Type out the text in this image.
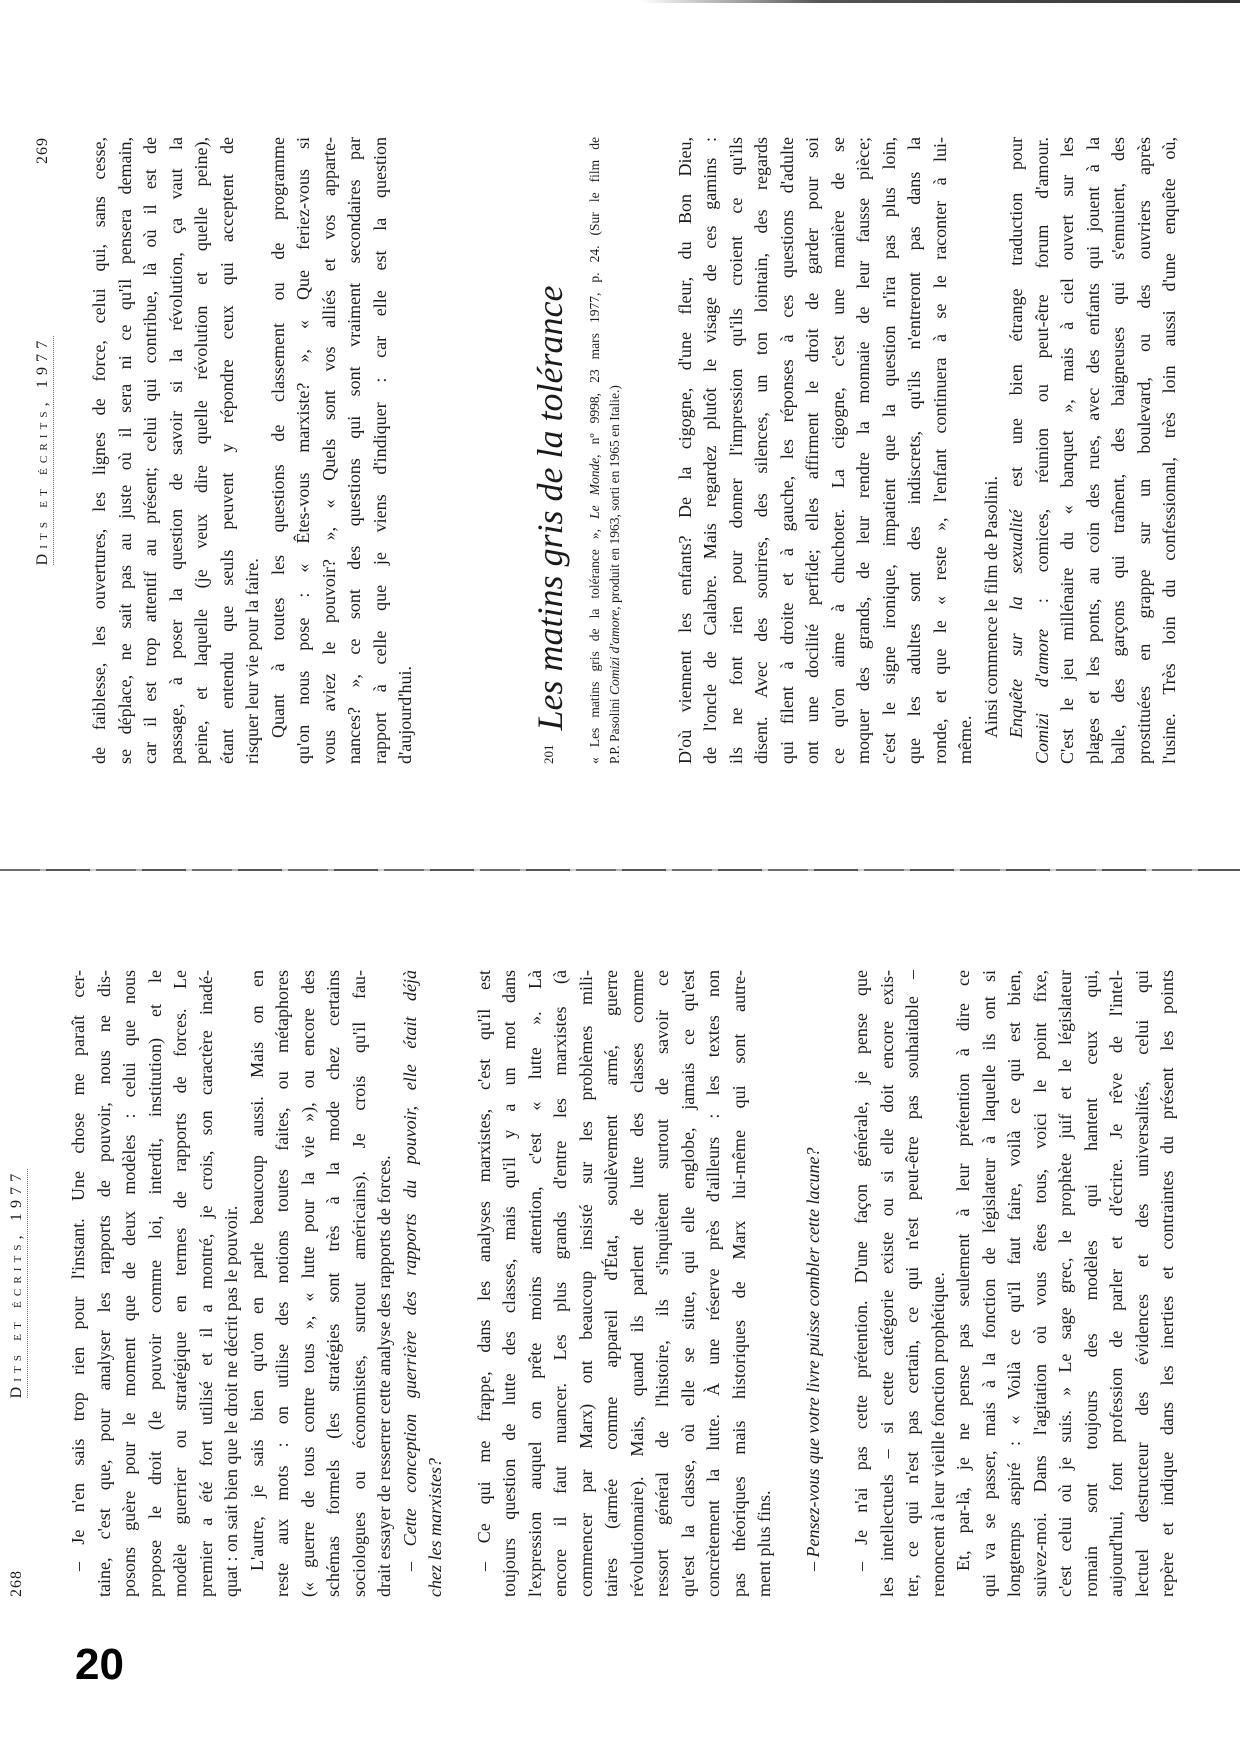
268
Dits et écrits, 1977 – Je n'en sais trop rien pour l'instant. Une chose me paraît cer- taine, c'est que, pour analyser les rapports de pouvoir, nous ne dis- posons guère pour le moment que de deux modèles : celui que nous propose le droit (le pouvoir comme loi, interdit, institution) et le modèle guerrier ou stratégique en termes de rapports de forces. Le premier a été fort utilisé et il a montré, je crois, son caractère inadé- quat : on sait bien que le droit ne décrit pas le pouvoir. L'autre, je sais bien qu'on en parle beaucoup aussi. Mais on en reste aux mots : on utilise des notions toutes faites, ou métaphores (« guerre de tous contre tous », « lutte pour la vie »), ou encore des schémas formels (les stratégies sont très à la mode chez certains sociologues ou économistes, surtout américains). Je crois qu'il fau- drait essayer de resserrer cette analyse des rapports de forces. – Cette conception guerrière des rapports du pouvoir, elle était déjà chez les marxistes? – Ce qui me frappe, dans les analyses marxistes, c'est qu'il est toujours question de lutte des classes, mais qu'il y a un mot dans l'expression auquel on prête moins attention, c'est « lutte ». Là encore il faut nuancer. Les plus grands d'entre les marxistes (à commencer par Marx) ont beaucoup insisté sur les problèmes mili- taires (armée comme appareil d'État, soulèvement armé, guerre révolutionnaire). Mais, quand ils parlent de lutte des classes comme ressort général de l'histoire, ils s'inquiètent surtout de savoir ce qu'est la classe, où elle se situe, qui elle englobe, jamais ce qu'est concrètement la lutte. À une réserve près d'ailleurs : les textes non pas théoriques mais historiques de Marx lui-même qui sont autre- ment plus fins. – Pensez-vous que votre livre puisse combler cette lacune? – Je n'ai pas cette prétention. D'une façon générale, je pense que les intellectuels – si cette catégorie existe ou si elle doit encore exis- ter, ce qui n'est pas certain, ce qui n'est peut-être pas souhaitable – renoncent à leur vieille fonction prophétique. Et, par-là, je ne pense pas seulement à leur prétention à dire ce qui va se passer, mais à la fonction de législateur à laquelle ils ont si longtemps aspiré : « Voilà ce qu'il faut faire, voilà ce qui est bien, suivez-moi. Dans l'agitation où vous êtes tous, voici le point fixe, c'est celui où je suis. » Le sage grec, le prophète juif et le législateur romain sont toujours des modèles qui hantent ceux qui, aujourd'hui, font profession de parler et d'écrire. Je rêve de l'intel- lectuel destructeur des évidences et des universalités, celui qui repère et indique dans les inerties et contraintes du présent les points
Dits et écrits, 1977
269 de faiblesse, les ouvertures, les lignes de force, celui qui, sans cesse, se déplace, ne sait pas au juste où il sera ni ce qu'il pensera demain, car il est trop attentif au présent; celui qui contribue, là où il est de passage, à poser la question de savoir si la révolution, ça vaut la peine, et laquelle (je veux dire quelle révolution et quelle peine), étant entendu que seuls peuvent y répondre ceux qui acceptent de risquer leur vie pour la faire. Quant à toutes les questions de classement ou de programme qu'on nous pose : « Êtes-vous marxiste? », « Que feriez-vous si vous aviez le pouvoir? », « Quels sont vos alliés et vos apparte- nances? », ce sont des questions qui sont vraiment secondaires par rapport à celle que je viens d'indiquer : car elle est la question d'aujourd'hui.	201Les matins gris de la tolérance « Les matins gris de la tolérance », Le Monde, nº 9998, 23 mars 1977, p. 24. (Sur le film de
P.P. Pasolini Comizi d'amore, produit en 1963, sorti en 1965 en Italie.)	D'où viennent les enfants? De la cigogne, d'une fleur, du Bon Dieu, de l'oncle de Calabre. Mais regardez plutôt le visage de ces gamins : ils ne font rien pour donner l'impression qu'ils croient ce qu'ils disent. Avec des sourires, des silences, un ton lointain, des regards qui filent à droite et à gauche, les réponses à ces questions d'adulte ont une docilité perfide; elles affirment le droit de garder pour soi ce qu'on aime à chuchoter. La cigogne, c'est une manière de se moquer des grands, de leur rendre la monnaie de leur fausse pièce; c'est le signe ironique, impatient que la question n'ira pas plus loin, que les adultes sont des indiscrets, qu'ils n'entreront pas dans la ronde, et que le « reste », l'enfant continuera à se le raconter à lui- même.
Ainsi commence le film de Pasolini. Enquête sur la sexualité est une bien étrange traduction pour
Comizi d'amore : comices, réunion ou peut-être forum d'amour. C'est le jeu millénaire du « banquet », mais à ciel ouvert sur les plages et les ponts, au coin des rues, avec des enfants qui jouent à la balle, des garçons qui traînent, des baigneuses qui s'ennuient, des prostituées en grappe sur un boulevard, ou des ouvriers après l'usine. Très loin du confessionnal, très loin aussi d'une enquête où,
20
